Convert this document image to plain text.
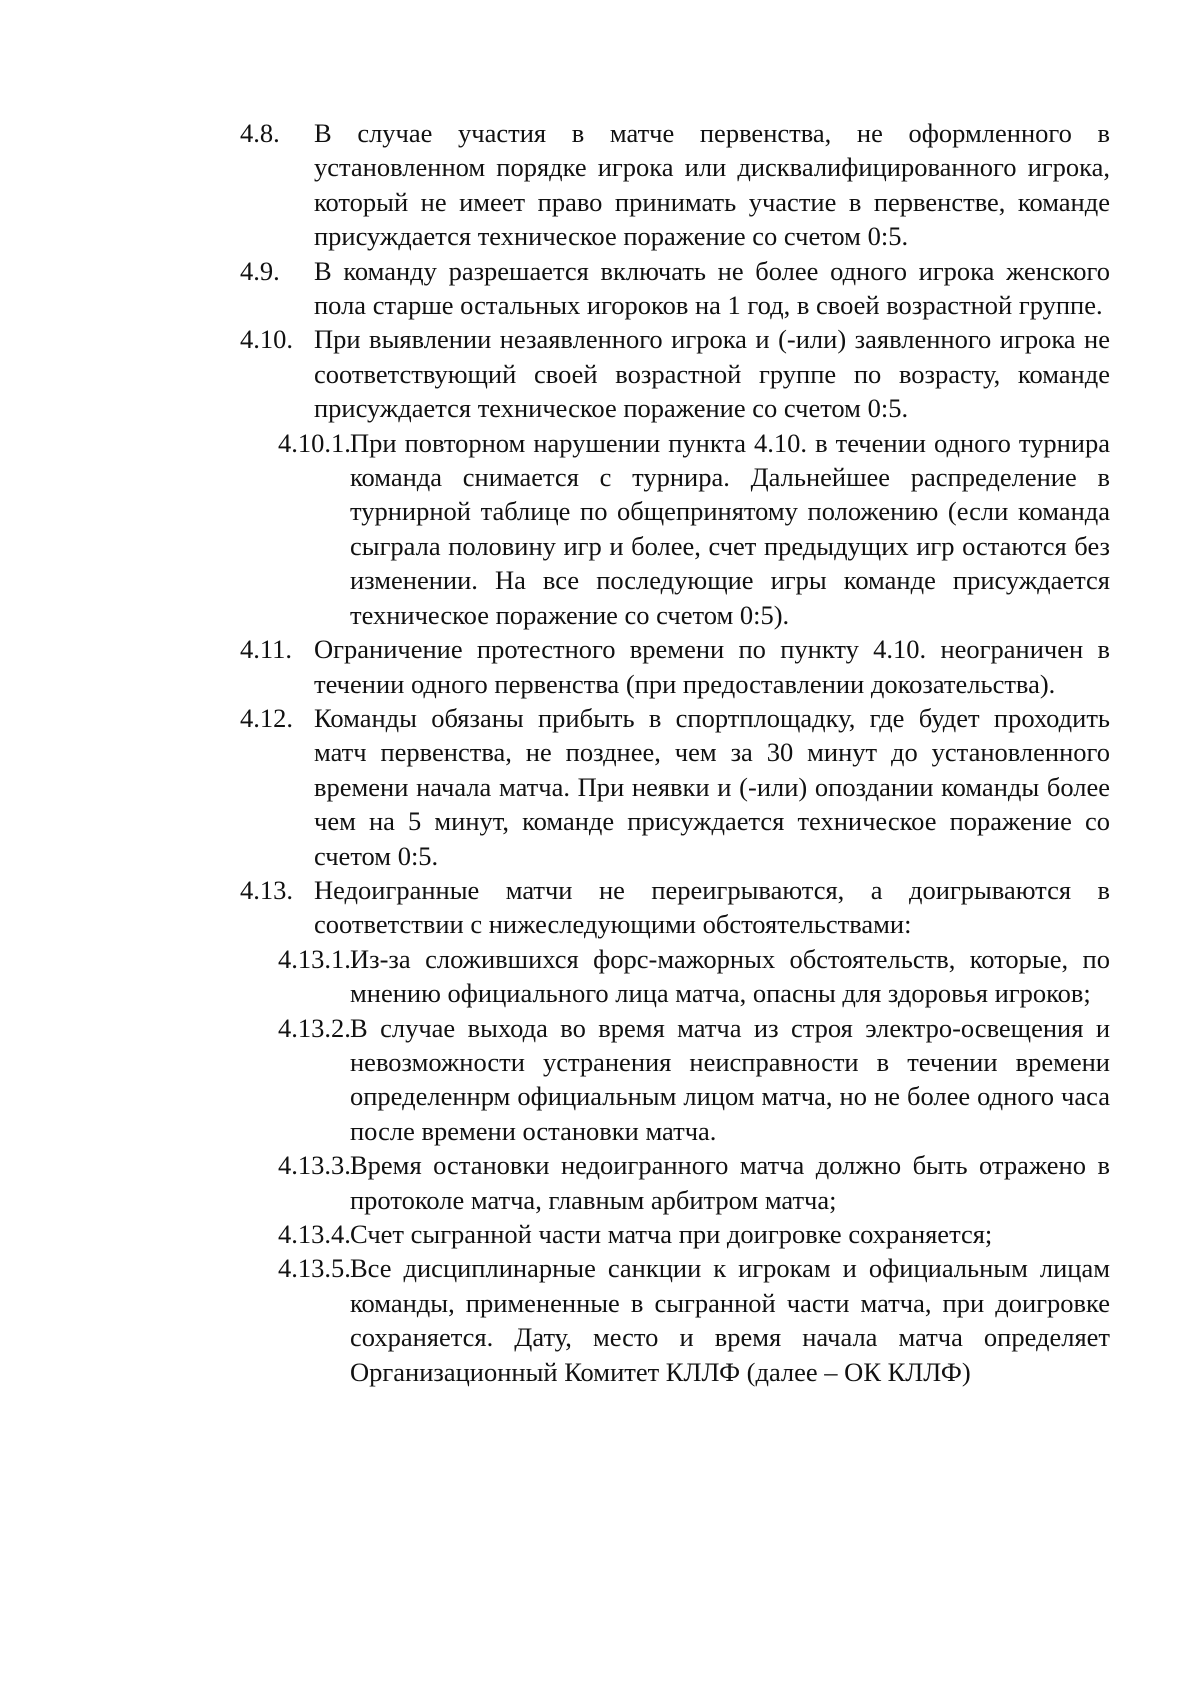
4.8. В случае участия в матче первенства, не оформленного в установленном порядке игрока или дисквалифицированного игрока, который не имеет право принимать участие в первенстве, команде присуждается техническое поражение со счетом 0:5.
4.9. В команду разрешается включать не более одного игрока женского пола старше остальных игороков на 1 год, в своей возрастной группе.
4.10. При выявлении незаявленного игрока и (-или) заявленного игрока не соответствующий своей возрастной группе по возрасту, команде присуждается техническое поражение со счетом 0:5.
4.10.1. При повторном нарушении пункта 4.10. в течении одного турнира команда снимается с турнира. Дальнейшее распределение в турнирной таблице по общепринятому положению (если команда сыграла половину игр и более, счет предыдущих игр остаются без изменении. На все последующие игры команде присуждается техническое поражение со счетом 0:5).
4.11. Ограничение протестного времени по пункту 4.10. неограничен в течении одного первенства (при предоставлении докозательства).
4.12. Команды обязаны прибыть в спортплощадку, где будет проходить матч первенства, не позднее, чем за 30 минут до установленного времени начала матча. При неявки и (-или) опоздании команды более чем на 5 минут, команде присуждается техническое поражение со счетом 0:5.
4.13. Недоигранные матчи не переигрываются, а доигрываются в соответствии с нижеследующими обстоятельствами:
4.13.1. Из-за сложившихся форс-мажорных обстоятельств, которые, по мнению официального лица матча, опасны для здоровья игроков;
4.13.2. В случае выхода во время матча из строя электро-освещения и невозможности устранения неисправности в течении времени определеннрм официальным лицом матча, но не более одного часа после времени остановки матча.
4.13.3. Время остановки недоигранного матча должно быть отражено в протоколе матча, главным арбитром матча;
4.13.4. Счет сыгранной части матча при доигровке сохраняется;
4.13.5. Все дисциплинарные санкции к игрокам и официальным лицам команды, примененные в сыгранной части матча, при доигровке сохраняется. Дату, место и время начала матча определяет Организационный Комитет КЛЛФ (далее – ОК КЛЛФ)
